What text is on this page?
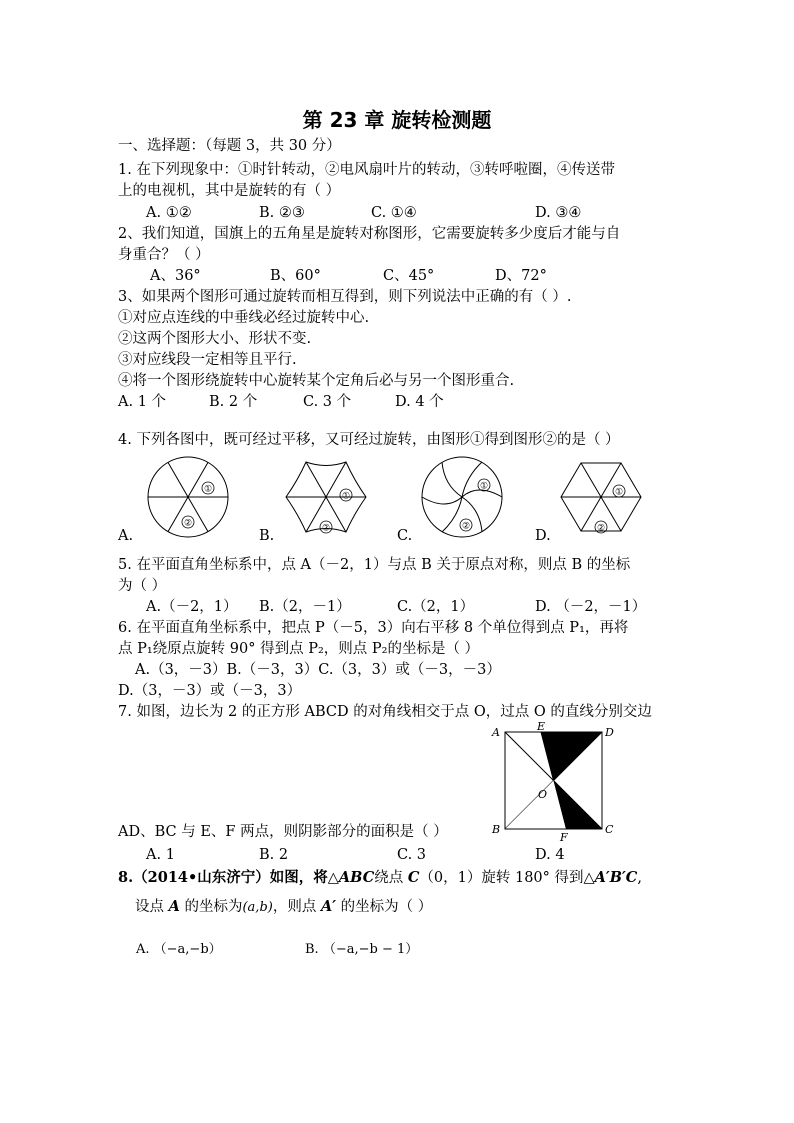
第 23 章 旋转检测题
一、选择题：（每题 3，共 30 分）
1. 在下列现象中：①时针转动，②电风扇叶片的转动，③转呼啦圈，④传送带
上的电视机，其中是旋转的有（ ）
A. ①②	B. ②③	C. ①④	D. ③④
2、我们知道，国旗上的五角星是旋转对称图形，它需要旋转多少度后才能与自
身重合？（ ）
A、36°	B、60°	C、45°	D、72°
3、如果两个图形可通过旋转而相互得到，则下列说法中正确的有（ ）.
①对应点连线的中垂线必经过旋转中心.
②这两个图形大小、形状不变.
③对应线段一定相等且平行.
④将一个图形绕旋转中心旋转某个定角后必与另一个图形重合.
A. 1 个	B. 2 个	C. 3 个	D. 4 个
4. 下列各图中，既可经过平移，又可经过旋转，由图形①得到图形②的是（ ）
①
②
①
②
①
②
①
②
A.	B.	C.	D.
5. 在平面直角坐标系中，点 A（－2，1）与点 B 关于原点对称，则点 B 的坐标
为（ ）
A.（－2，1） B.（2，－1）	C.（2，1）	D. （－2，－1）
6. 在平面直角坐标系中，把点 P（－5，3）向右平移 8 个单位得到点 P₁，再将
点 P₁绕原点旋转 90° 得到点 P₂，则点 P₂的坐标是（ ）
A.（3，－3）B.（－3，3）C.（3，3）或（－3，－3）
D.（3，－3）或（－3，3）
7. 如图，边长为 2 的正方形 ABCD 的对角线相交于点 O，过点 O 的直线分别交边
A	E	D
O
B
F
C
AD、BC 与 E、F 两点，则阴影部分的面积是（ ）
A. 1	B. 2	C. 3	D. 4
8.（2014•山东济宁）如图，将△ABC绕点 C（0，1）旋转 180° 得到△A′B′C,
设点 A 的坐标为(a,b)，则点 A′ 的坐标为（ ）
A. （−a,−b）	B. （−a,−b − 1）
